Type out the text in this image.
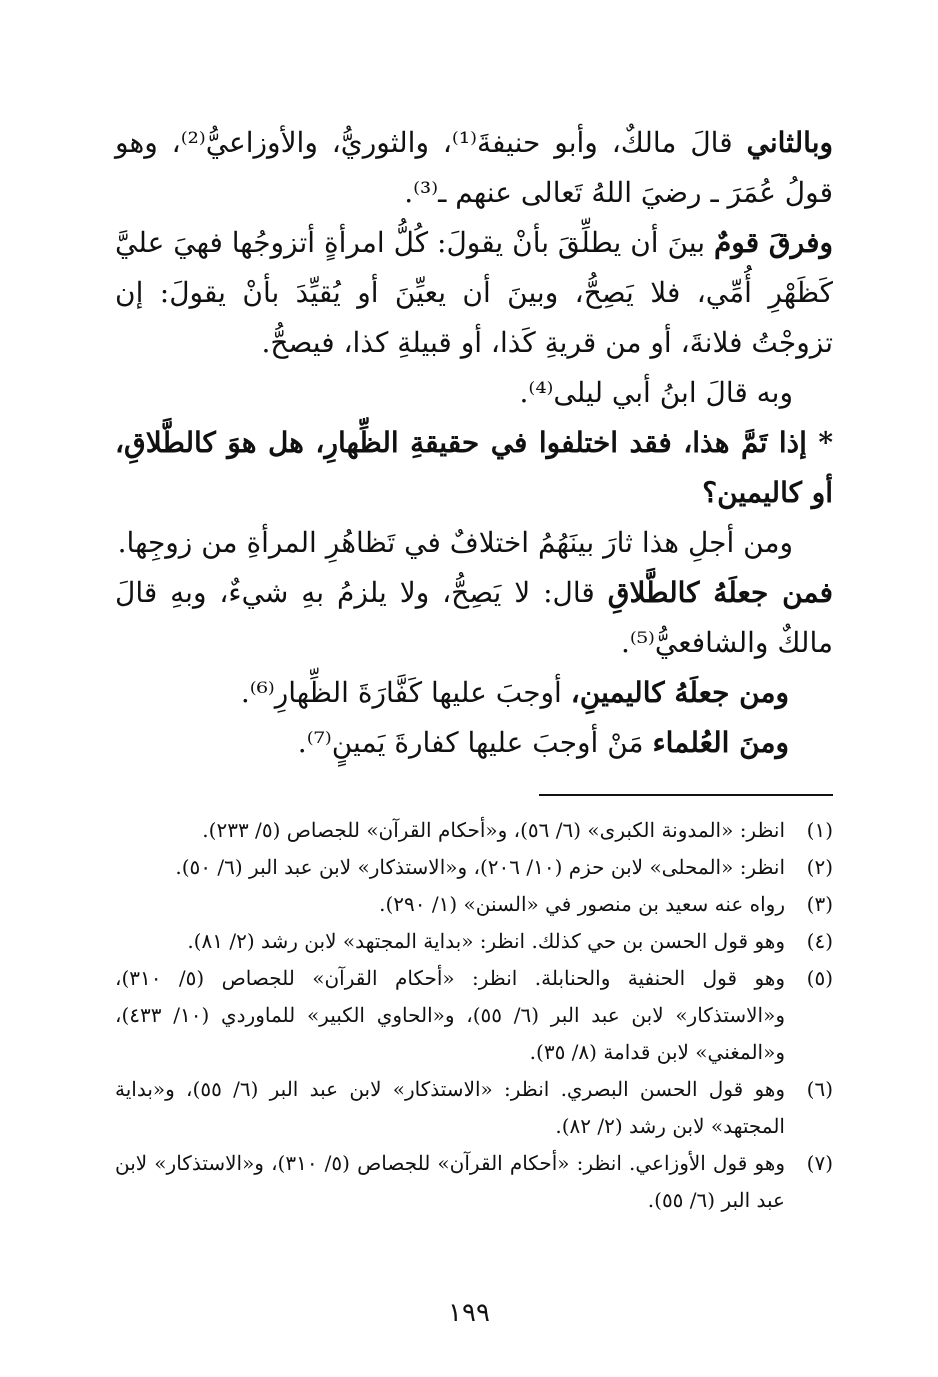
وبالثاني قالَ مالكٌ، وأبو حنيفةَ⁽¹⁾، والثوريُّ، والأوزاعيُّ⁽²⁾، وهو قولُ عُمَرَ ـ رضيَ اللهُ تَعالى عنهم ـ⁽³⁾.

وفرقَ قومٌ بينَ أن يطلِّقَ بأنْ يقولَ: كُلُّ امرأةٍ أتزوجُها فهيَ عليَّ كَظَهْرِ أُمِّي، فلا يَصِحُّ، وبينَ أن يعيِّنَ أو يُقيِّدَ بأنْ يقولَ: إن تزوجْتُ فلانةَ، أو من قريةِ كَذا، أو قبيلةِ كذا، فيصحُّ.

وبه قالَ ابنُ أبي ليلى⁽⁴⁾.

* إذا تَمَّ هذا، فقد اختلفوا في حقيقةِ الظِّهارِ، هل هوَ كالطَّلاقِ، أو كاليمين؟

ومن أجلِ هذا ثارَ بينَهُمُ اختلافٌ في تَظاهُرِ المرأةِ من زوجِها.

فمن جعلَهُ كالطَّلاقِ قال: لا يَصِحُّ، ولا يلزمُ بهِ شيءٌ، وبهِ قالَ مالكٌ والشافعيُّ⁽⁵⁾.

ومن جعلَهُ كاليمينِ، أوجبَ عليها كَفَّارَةَ الظِّهارِ⁽⁶⁾.

ومنَ العُلماء مَنْ أوجبَ عليها كفارةَ يَمينٍ⁽⁷⁾.

(١)
انظر: «المدونة الكبرى» (٦/ ٥٦)، و«أحكام القرآن» للجصاص (٥/ ٢٣٣).
(٢)
انظر: «المحلى» لابن حزم (١٠/ ٢٠٦)، و«الاستذكار» لابن عبد البر (٦/ ٥٠).
(٣)
رواه عنه سعيد بن منصور في «السنن» (١/ ٢٩٠).
(٤)
وهو قول الحسن بن حي كذلك. انظر: «بداية المجتهد» لابن رشد (٢/ ٨١).
(٥)
وهو قول الحنفية والحنابلة. انظر: «أحكام القرآن» للجصاص (٥/ ٣١٠)، و«الاستذكار» لابن عبد البر (٦/ ٥٥)، و«الحاوي الكبير» للماوردي (١٠/ ٤٣٣)، و«المغني» لابن قدامة (٨/ ٣٥).
(٦)
وهو قول الحسن البصري. انظر: «الاستذكار» لابن عبد البر (٦/ ٥٥)، و«بداية المجتهد» لابن رشد (٢/ ٨٢).
(٧)
وهو قول الأوزاعي. انظر: «أحكام القرآن» للجصاص (٥/ ٣١٠)، و«الاستذكار» لابن عبد البر (٦/ ٥٥).
١٩٩
